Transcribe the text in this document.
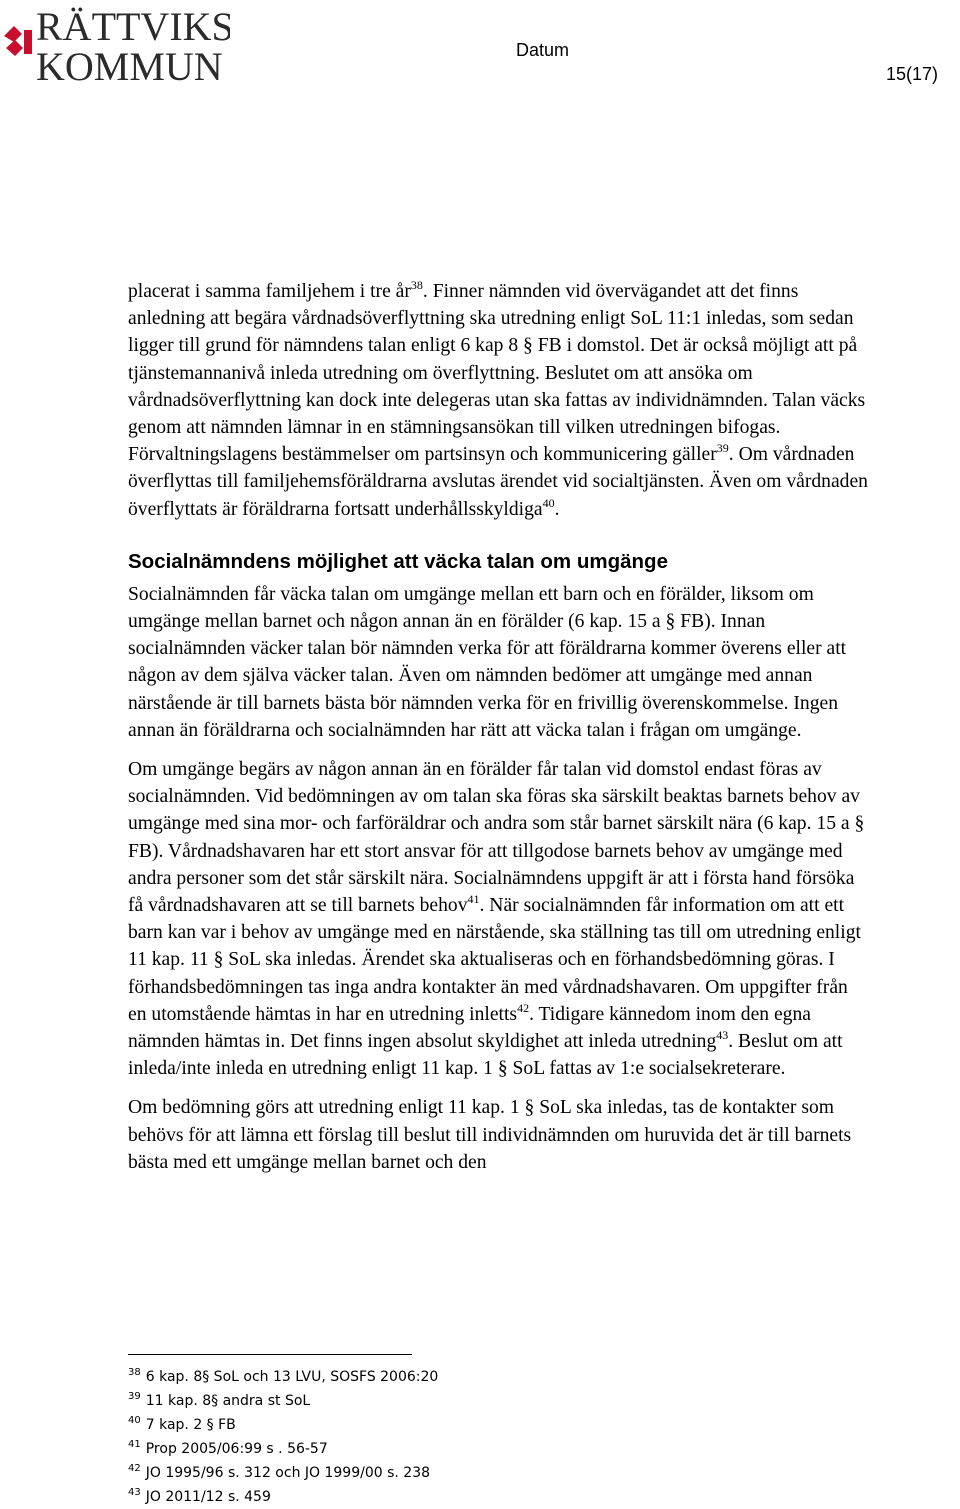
RÄTTVIKS
KOMMUN	Datum
15(17)

placerat i samma familjehem i tre $år^{38}$. Finner nämnden vid övervägandet att det finns anledning att begära vårdnadsöverflyttning ska utredning enligt SoL 11:1 inledas, som sedan ligger till grund för nämndens talan enligt 6 kap 8 § FB i domstol. Det är också möjligt att på tjänstemannanivå inleda utredning om överflyttning. Beslutet om att ansöka om vårdnadsöverflyttning kan dock inte delegeras utan ska fattas av individnämnden. Talan väcks genom att nämnden lämnar in en stämningsansökan till vilken utredningen bifogas. Förvaltningslagens bestämmelser om partsinsyn och kommunicering gäller$^{39}$. Om vårdnaden överflyttas till familjehemsföräldrarna avslutas ärendet vid socialtjänsten. Även om vårdnaden överflyttats är föräldrarna fortsatt underhållsskyldiga$^{40}$.

Socialnämndens möjlighet att väcka talan om umgänge

Socialnämnden får väcka talan om umgänge mellan ett barn och en förälder, liksom om umgänge mellan barnet och någon annan än en förälder (6 kap. 15 a § FB). Innan socialnämnden väcker talan bör nämnden verka för att föräldrarna kommer överens eller att någon av dem själva väcker talan. Även om nämnden bedömer att umgänge med annan närstående är till barnets bästa bör nämnden verka för en frivillig överenskommelse. Ingen annan än föräldrarna och socialnämnden har rätt att väcka talan i frågan om umgänge.

Om umgänge begärs av någon annan än en förälder får talan vid domstol endast föras av socialnämnden. Vid bedömningen av om talan ska föras ska särskilt beaktas barnets behov av umgänge med sina mor- och farföräldrar och andra som står barnet särskilt nära (6 kap. 15 a § FB). Vårdnadshavaren har ett stort ansvar för att tillgodose barnets behov av umgänge med andra personer som det står särskilt nära. Socialnämndens uppgift är att i första hand försöka få vårdnadshavaren att se till barnets behov$^{41}$. När socialnämnden får information om att ett barn kan var i behov av umgänge med en närstående, ska ställning tas till om utredning enligt 11 kap. 11 § SoL ska inledas. Ärendet ska aktualiseras och en förhandsbedömning göras. I förhandsbedömningen tas inga andra kontakter än med vårdnadshavaren. Om uppgifter från en utomstående hämtas in har en utredning inletts$^{42}$. Tidigare kännedom inom den egna nämnden hämtas in. Det finns ingen absolut skyldighet att inleda utredning$^{43}$. Beslut om att inleda/inte inleda en utredning enligt 11 kap. 1 § SoL fattas av 1:e socialsekreterare.

Om bedömning görs att utredning enligt 11 kap. 1 § SoL ska inledas, tas de kontakter som behövs för att lämna ett förslag till beslut till individnämnden om huruvida det är till barnets bästa med ett umgänge mellan barnet och den

$^{38}$ 6 kap. 8§ SoL och 13 LVU, SOSFS 2006:20
$^{39}$ 11 kap. 8§ andra st SoL
$^{40}$ 7 kap. 2 § FB
$^{41}$ Prop 2005/06:99 s . 56-57
$^{42}$ JO 1995/96 s. 312 och JO 1999/00 s. 238
$^{43}$ JO 2011/12 s. 459
